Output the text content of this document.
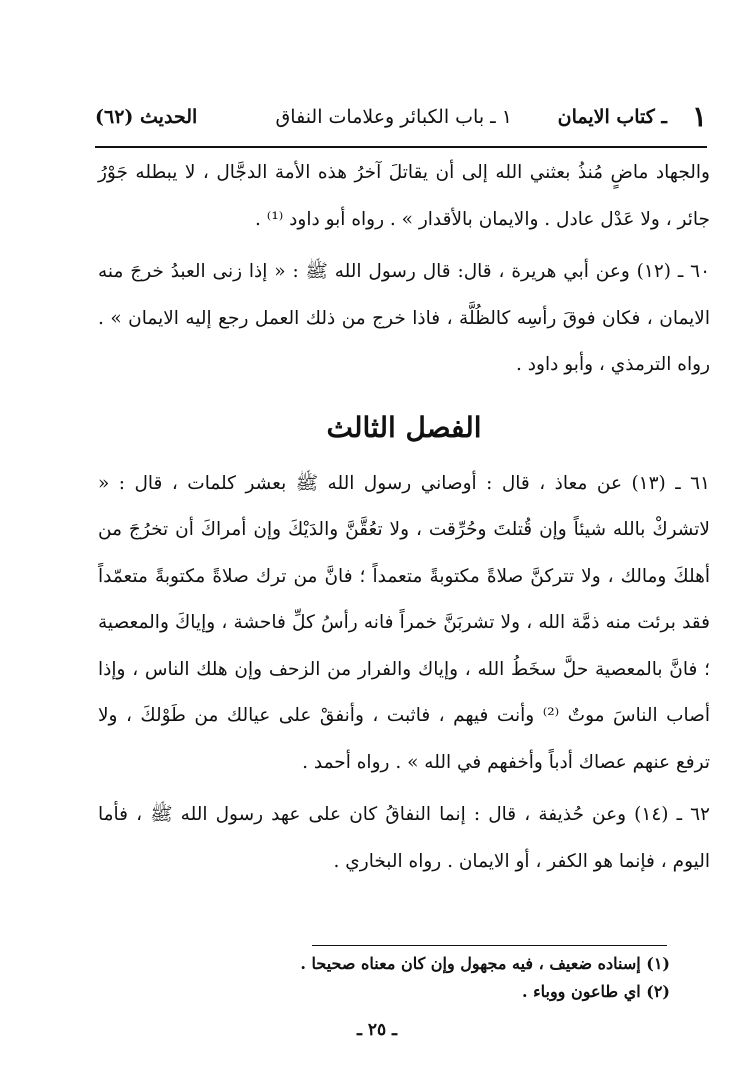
١
ـ كتاب الايمان
١ ـ باب الكبائر وعلامات النفاق
الحديث (٦٢)

والجهاد ماضٍ مُنذُ بعثني الله إلى أن يقاتلَ آخرُ هذه الأمة الدجَّال ، لا يبطله جَوْرُ جائر ، ولا عَدْل عادل . والايمان بالأقدار » . رواه أبو داود ⁽¹⁾ .

٦٠ ـ (١٢) وعن أبي هريرة ، قال: قال رسول الله ﷺ : « إذا زنى العبدُ خرجَ منه الايمان ، فكان فوقَ رأسِه كالظُلَّة ، فاذا خرج من ذلك العمل رجع إليه الايمان » . رواه الترمذي ، وأبو داود .

الفصل الثالث

٦١ ـ (١٣) عن معاذ ، قال : أوصاني رسول الله ﷺ بعشر كلمات ، قال : « لاتشركْ بالله شيئاً وإن قُتلتَ وحُرِّقت ، ولا تعُقَّنَّ والدَيْكَ وإن أمراكَ أن تخرُجَ من أهلكَ ومالك ، ولا تتركنَّ صلاةً مكتوبةً متعمداً ؛ فانَّ من ترك صلاةً مكتوبةً متعمّداً فقد برئت منه ذمَّة الله ، ولا تشربَنَّ خمراً فانه رأسُ كلِّ فاحشة ، وإياكَ والمعصية ؛ فانَّ بالمعصية حلَّ سخَطُ الله ، وإياك والفرار من الزحف وإن هلك الناس ، وإذا أصاب الناسَ موتٌ ⁽²⁾ وأنت فيهم ، فاثبت ، وأنفقْ على عيالك من طَوْلكَ ، ولا ترفع عنهم عصاك أدباً وأخفهم في الله » . رواه أحمد .

٦٢ ـ (١٤) وعن حُذيفة ، قال : إنما النفاقُ كان على عهد رسول الله ﷺ ، فأما اليوم ، فإنما هو الكفر ، أو الايمان . رواه البخاري .

(١) إسناده ضعيف ، فيه مجهول وإن كان معناه صحيحا .

(٢) اي طاعون ووباء .

ـ ٢٥ ـ
